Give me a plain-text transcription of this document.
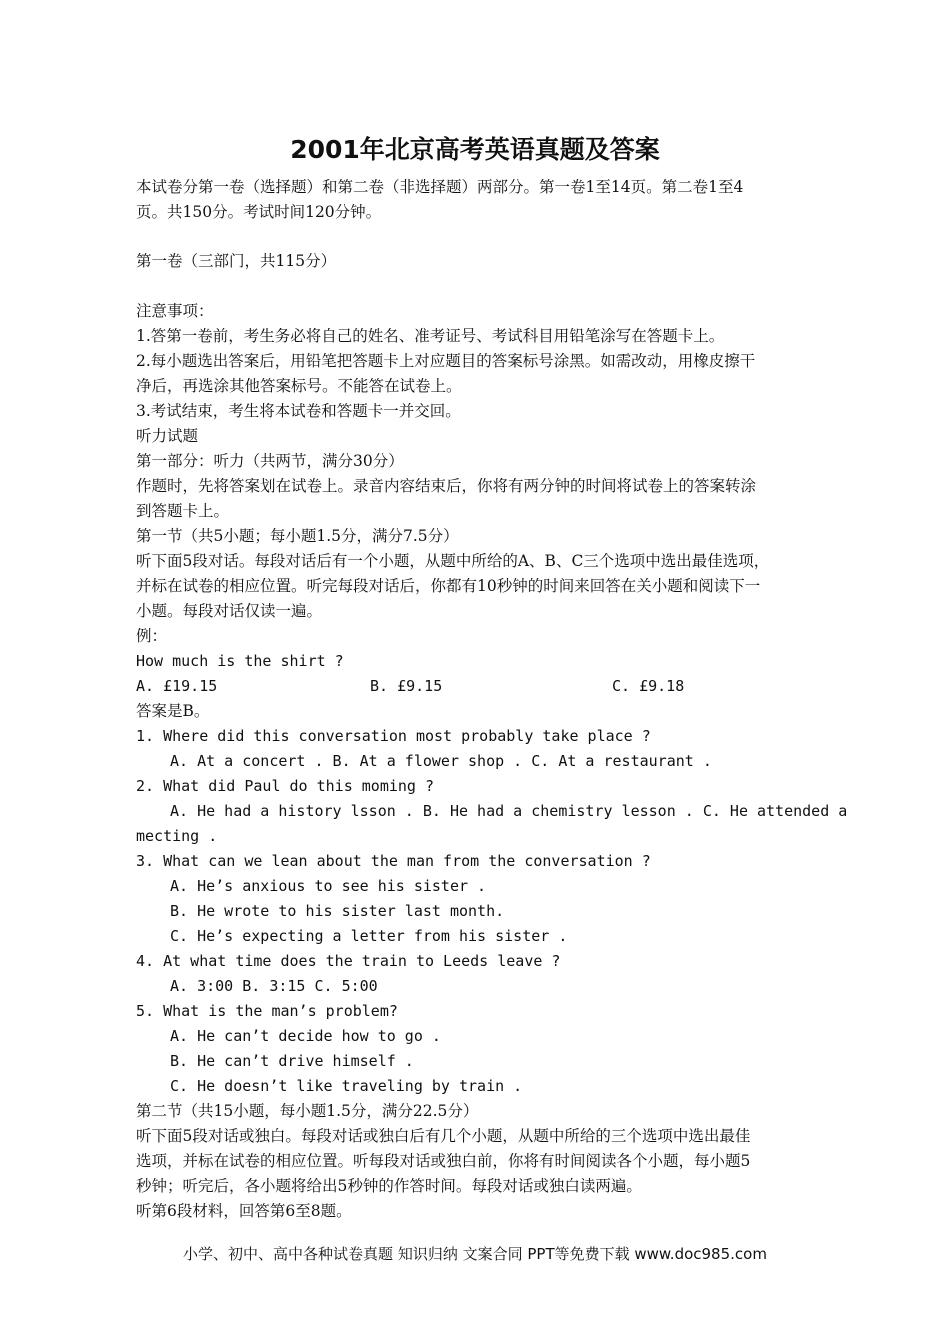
2001年北京高考英语真题及答案
本试卷分第一卷（选择题）和第二卷（非选择题）两部分。第一卷1至14页。第二卷1至4
页。共150分。考试时间120分钟。
第一卷（三部门，共115分）
注意事项：
1.答第一卷前，考生务必将自己的姓名、准考证号、考试科目用铅笔涂写在答题卡上。
2.每小题选出答案后，用铅笔把答题卡上对应题目的答案标号涂黑。如需改动，用橡皮擦干
净后，再选涂其他答案标号。不能答在试卷上。
3.考试结束，考生将本试卷和答题卡一并交回。
听力试题
第一部分：听力（共两节，满分30分）
作题时，先将答案划在试卷上。录音内容结束后，你将有两分钟的时间将试卷上的答案转涂
到答题卡上。
第一节（共5小题；每小题1.5分，满分7.5分）
听下面5段对话。每段对话后有一个小题，从题中所给的A、B、C三个选项中选出最佳选项，
并标在试卷的相应位置。听完每段对话后，你都有10秒钟的时间来回答在关小题和阅读下一
小题。每段对话仅读一遍。
例：
How much is the shirt ?
A. £19.15	B. £9.15	C. £9.18
答案是B。
1. Where did this conversation most probably take place ?
A. At a concert . B. At a flower shop . C. At a restaurant .
2. What did Paul do this moming ?
A. He had a history lsson . B. He had a chemistry lesson . C. He attended a
mecting .
3. What can we lean about the man from the conversation ?
A. He’s anxious to see his sister .
B. He wrote to his sister last month.
C. He’s expecting a letter from his sister .
4. At what time does the train to Leeds leave ?
A. 3:00 B. 3:15 C. 5:00
5. What is the man’s problem?
A. He can’t decide how to go .
B. He can’t drive himself .
C. He doesn’t like traveling by train .
第二节（共15小题，每小题1.5分，满分22.5分）
听下面5段对话或独白。每段对话或独白后有几个小题，从题中所给的三个选项中选出最佳
选项，并标在试卷的相应位置。听每段对话或独白前，你将有时间阅读各个小题，每小题5
秒钟；听完后，各小题将给出5秒钟的作答时间。每段对话或独白读两遍。
听第6段材料，回答第6至8题。
小学、初中、高中各种试卷真题 知识归纳 文案合同 PPT等免费下载 www.doc985.com
